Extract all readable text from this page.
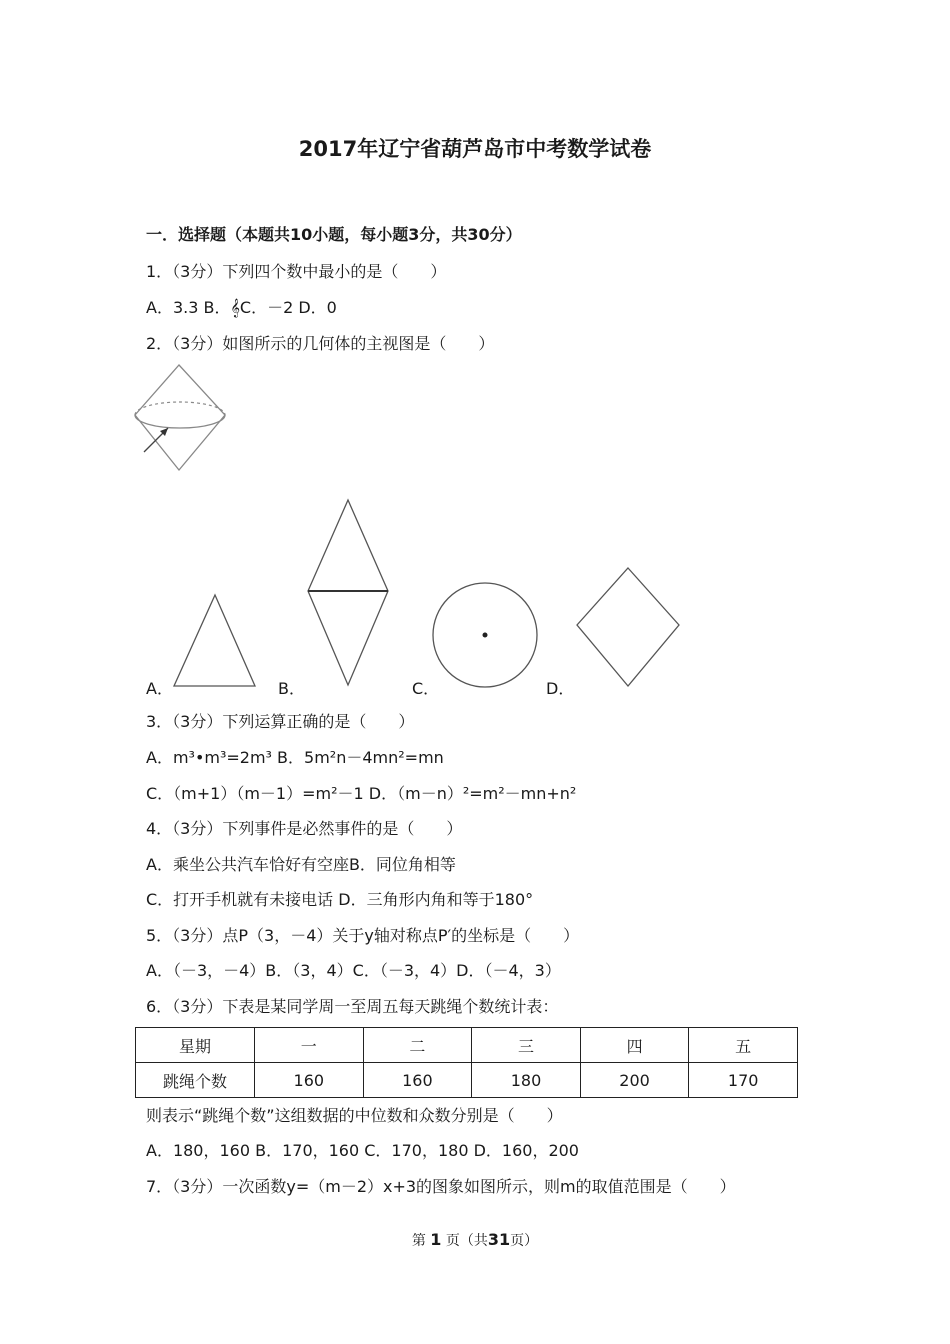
2017年辽宁省葫芦岛市中考数学试卷
一．选择题（本题共10小题，每小题3分，共30分）
1．（3分）下列四个数中最小的是（　　）
A．3.3 B．𝄞C．－2 D．0
2．（3分）如图所示的几何体的主视图是（　　）
A．	B．	C．	D．
3．（3分）下列运算正确的是（　　）
A．m³•m³=2m³ B．5m²n－4mn²=mn
C．（m+1）（m－1）=m²－1 D．（m－n）²=m²－mn+n²
4．（3分）下列事件是必然事件的是（　　）
A．乘坐公共汽车恰好有空座B．同位角相等
C．打开手机就有未接电话 D．三角形内角和等于180°
5．（3分）点P（3，－4）关于y轴对称点P′的坐标是（　　）
A．（－3，－4）B．（3，4）C．（－3，4）D．（－4，3）
6．（3分）下表是某同学周一至周五每天跳绳个数统计表：
星期	一	二	三	四	五
跳绳个数	160	160	180	200	170
则表示“跳绳个数”这组数据的中位数和众数分别是（　　）
A．180，160 B．170，160 C．170，180 D．160，200
7．（3分）一次函数y=（m－2）x+3的图象如图所示，则m的取值范围是（　　）
第 1 页（共31页）
